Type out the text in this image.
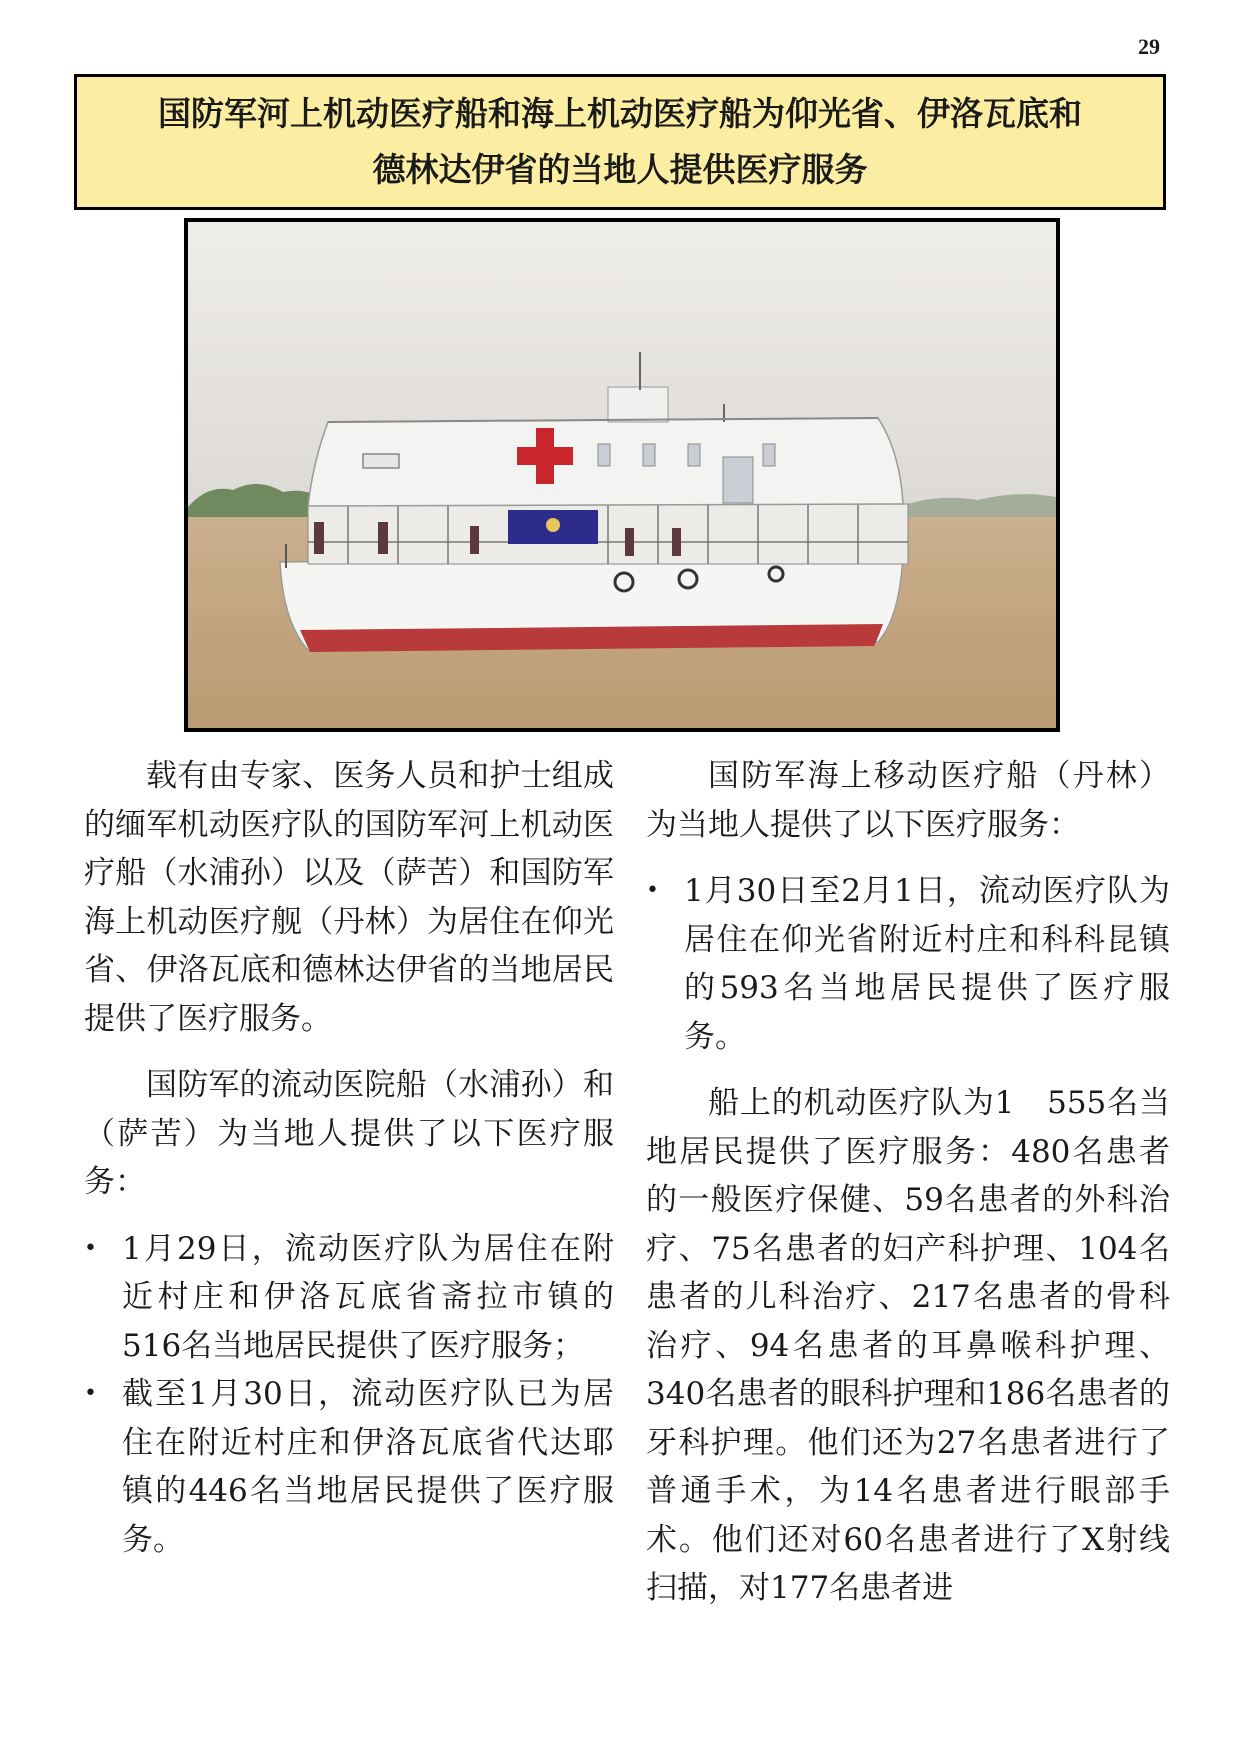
29
国防军河上机动医疗船和海上机动医疗船为仰光省、伊洛瓦底和
德林达伊省的当地人提供医疗服务

载有由专家、医务人员和护士组成的缅军机动医疗队的国防军河上机动医疗船（水浦孙）以及（萨苦）和国防军海上机动医疗舰（丹林）为居住在仰光省、伊洛瓦底和德林达伊省的当地居民提供了医疗服务。

国防军的流动医院船（水浦孙）和（萨苦）为当地人提供了以下医疗服务：

• 1月29日，流动医疗队为居住在附近村庄和伊洛瓦底省斋拉市镇的516名当地居民提供了医疗服务；
• 截至1月30日，流动医疗队已为居住在附近村庄和伊洛瓦底省代达耶镇的446名当地居民提供了医疗服务。

国防军海上移动医疗船（丹林）为当地人提供了以下医疗服务：

• 1月30日至2月1日，流动医疗队为居住在仰光省附近村庄和科科昆镇的593名当地居民提供了医疗服务。

船上的机动医疗队为1　555名当地居民提供了医疗服务：480名患者的一般医疗保健、59名患者的外科治疗、75名患者的妇产科护理、104名患者的儿科治疗、217名患者的骨科治疗、94名患者的耳鼻喉科护理、340名患者的眼科护理和186名患者的牙科护理。他们还为27名患者进行了普通手术，为14名患者进行眼部手术。他们还对60名患者进行了X射线扫描，对177名患者进
